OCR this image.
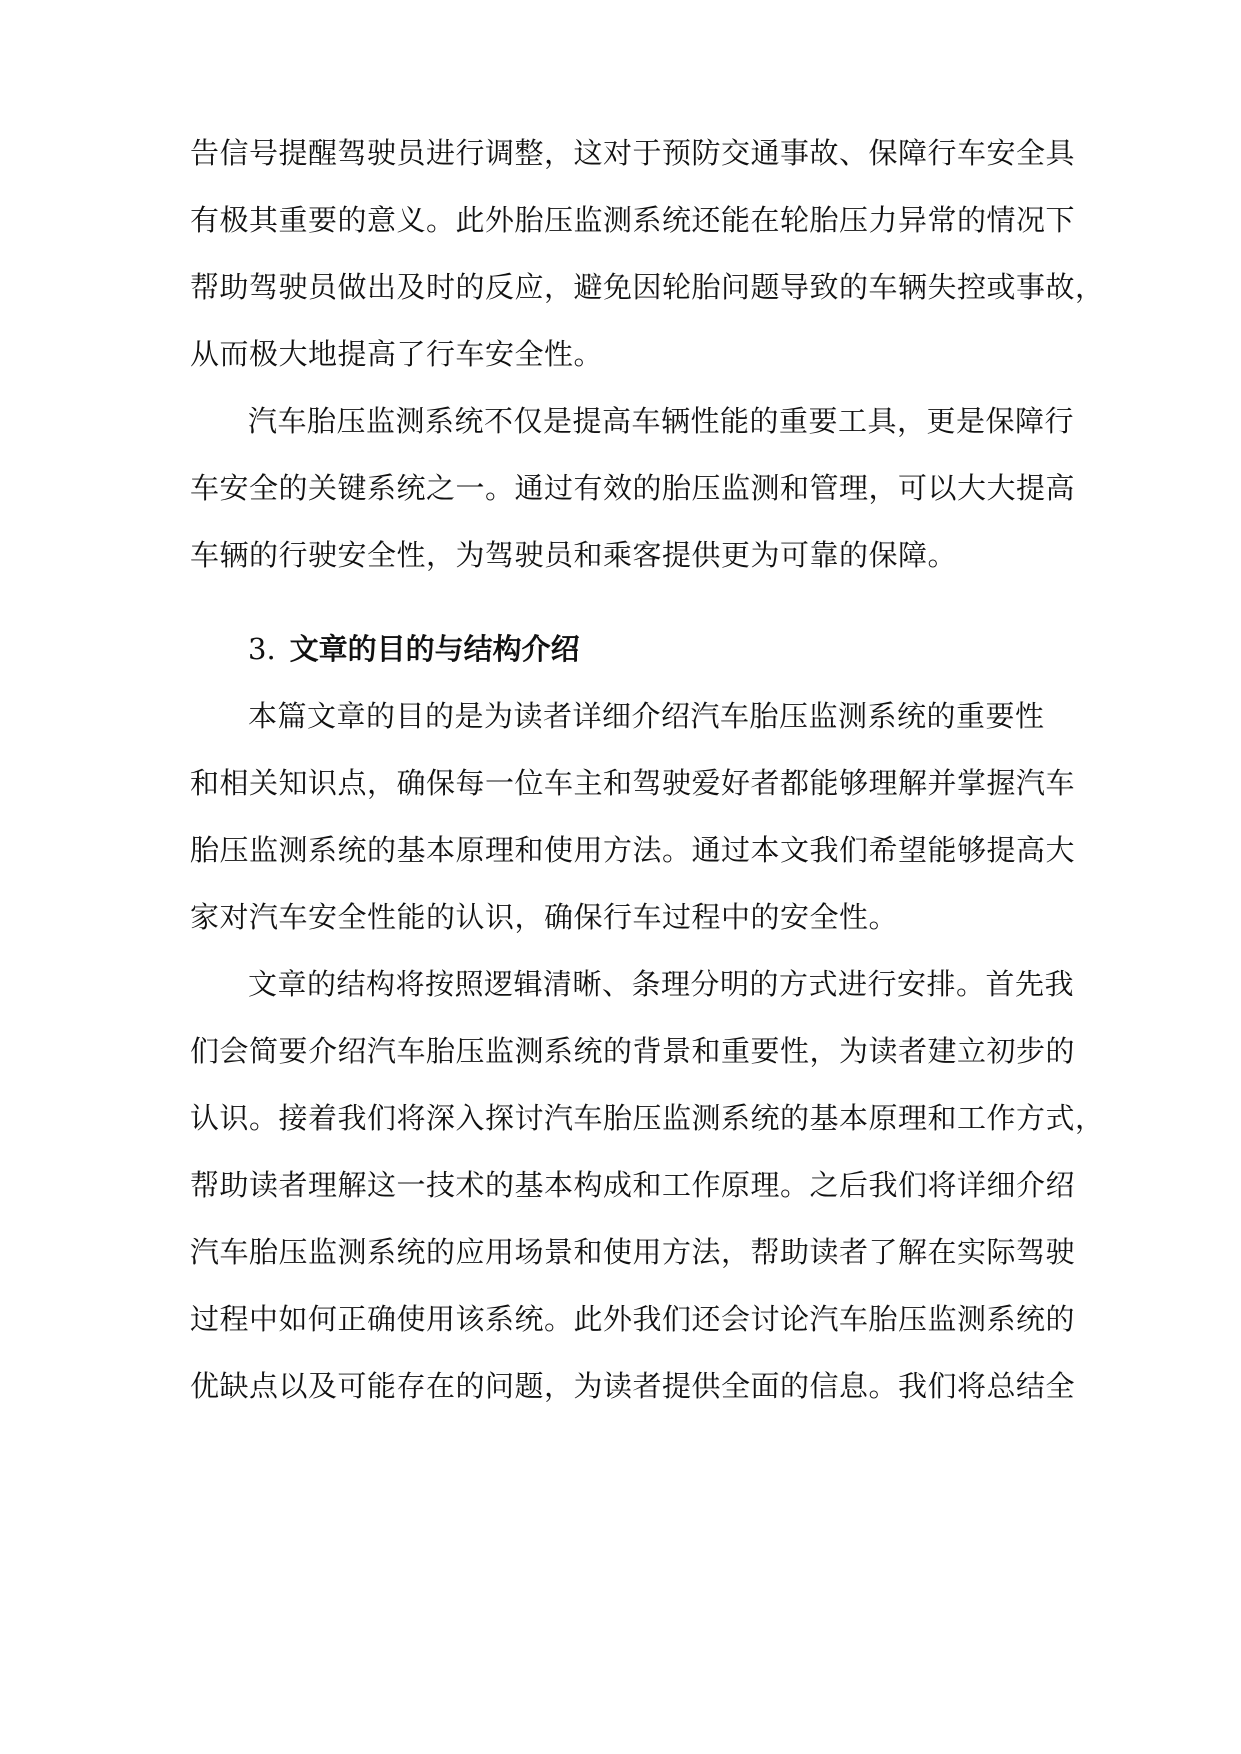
告信号提醒驾驶员进行调整，这对于预防交通事故、保障行车安全具
有极其重要的意义。此外胎压监测系统还能在轮胎压力异常的情况下
帮助驾驶员做出及时的反应，避免因轮胎问题导致的车辆失控或事故，
从而极大地提高了行车安全性。
汽车胎压监测系统不仅是提高车辆性能的重要工具，更是保障行
车安全的关键系统之一。通过有效的胎压监测和管理，可以大大提高
车辆的行驶安全性，为驾驶员和乘客提供更为可靠的保障。
3. 文章的目的与结构介绍
本篇文章的目的是为读者详细介绍汽车胎压监测系统的重要性
和相关知识点，确保每一位车主和驾驶爱好者都能够理解并掌握汽车
胎压监测系统的基本原理和使用方法。通过本文我们希望能够提高大
家对汽车安全性能的认识，确保行车过程中的安全性。
文章的结构将按照逻辑清晰、条理分明的方式进行安排。首先我
们会简要介绍汽车胎压监测系统的背景和重要性，为读者建立初步的
认识。接着我们将深入探讨汽车胎压监测系统的基本原理和工作方式，
帮助读者理解这一技术的基本构成和工作原理。之后我们将详细介绍
汽车胎压监测系统的应用场景和使用方法，帮助读者了解在实际驾驶
过程中如何正确使用该系统。此外我们还会讨论汽车胎压监测系统的
优缺点以及可能存在的问题，为读者提供全面的信息。我们将总结全
